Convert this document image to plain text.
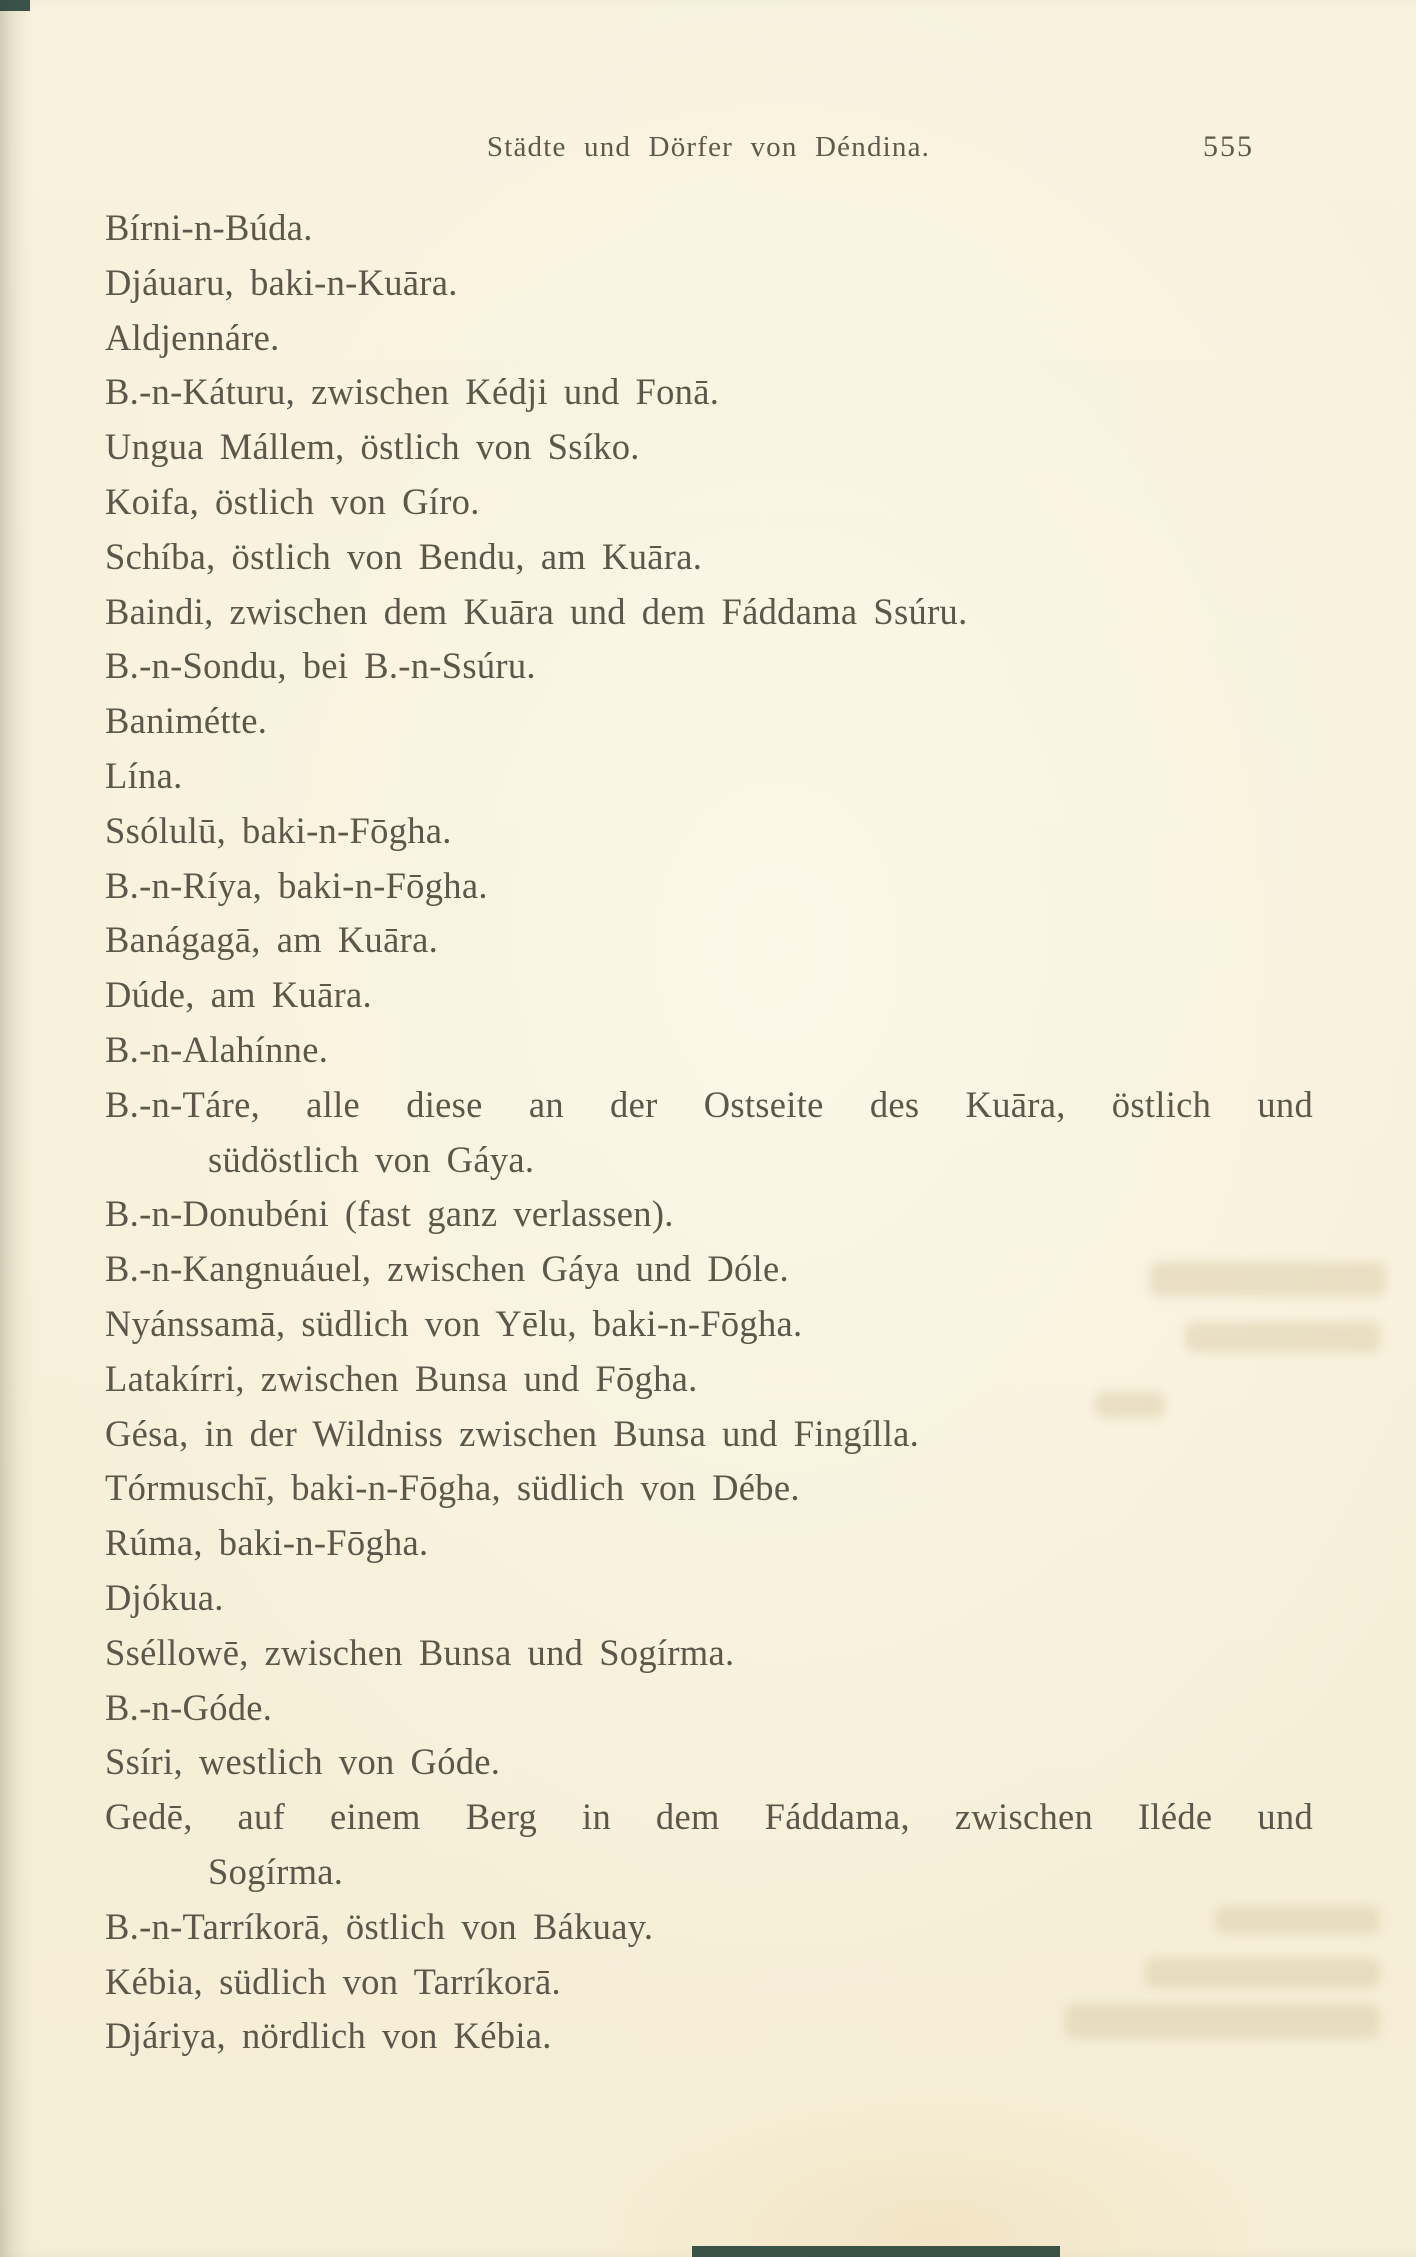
Städte und Dörfer von Déndina.	555
Bírni-n-Búda.
Djáuaru, baki-n-Kuāra.
Aldjennáre.
B.-n-Káturu, zwischen Kédji und Fonā.
Ungua Mállem, östlich von Ssíko.
Koifa, östlich von Gíro.
Schíba, östlich von Bendu, am Kuāra.
Baindi, zwischen dem Kuāra und dem Fáddama Ssúru.
B.-n-Sondu, bei B.-n-Ssúru.
Banimétte.
Lína.
Ssólulū, baki-n-Fōgha.
B.-n-Ríya, baki-n-Fōgha.
Banágagā, am Kuāra.
Dúde, am Kuāra.
B.-n-Alahínne.
B.-n-Táre, alle diese an der Ostseite des Kuāra, östlich und
südöstlich von Gáya.
B.-n-Donubéni (fast ganz verlassen).
B.-n-Kangnuáuel, zwischen Gáya und Dóle.
Nyánssamā, südlich von Yēlu, baki-n-Fōgha.
Latakírri, zwischen Bunsa und Fōgha.
Gésa, in der Wildniss zwischen Bunsa und Fingílla.
Tórmuschī, baki-n-Fōgha, südlich von Débe.
Rúma, baki-n-Fōgha.
Djókua.
Sséllowē, zwischen Bunsa und Sogírma.
B.-n-Góde.
Ssíri, westlich von Góde.
Gedē, auf einem Berg in dem Fáddama, zwischen Iléde und
Sogírma.
B.-n-Tarríkorā, östlich von Bákuay.
Kébia, südlich von Tarríkorā.
Djáriya, nördlich von Kébia.
